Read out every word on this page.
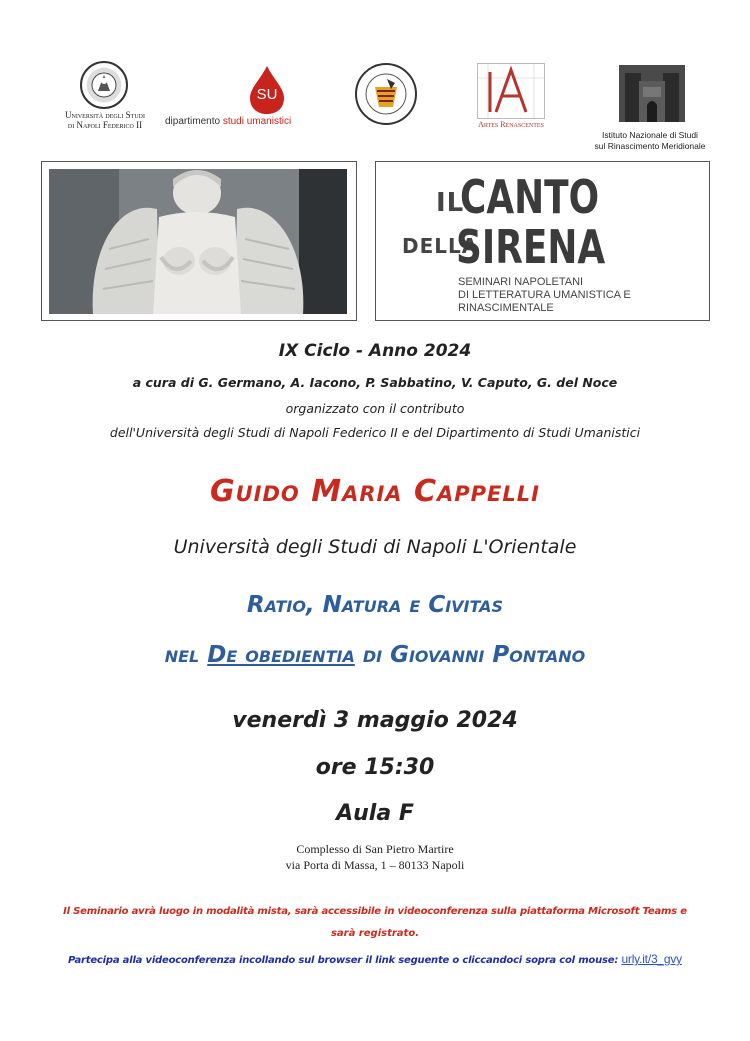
Università degli Studi
di Napoli Federico II
SU
dipartimento studi umanistici	Artes Renascentes
Istituto Nazionale di Studi
sul Rinascimento Meridionale
IL
CANTO
DELLA
SIRENA
SEMINARI NAPOLETANI
DI LETTERATURA UMANISTICA E RINASCIMENTALE
IX Ciclo - Anno 2024
a cura di G. Germano, A. Iacono, P. Sabbatino, V. Caputo, G. del Noce
organizzato con il contributo
dell'Università degli Studi di Napoli Federico II e del Dipartimento di Studi Umanistici
Guido Maria Cappelli
Università degli Studi di Napoli L'Orientale
Ratio, Natura e Civitas
nel De obedientia di Giovanni Pontano
venerdì 3 maggio 2024
ore 15:30
Aula F
Complesso di San Pietro Martire
via Porta di Massa, 1 – 80133 Napoli
Il Seminario avrà luogo in modalità mista, sarà accessibile in videoconferenza sulla piattaforma Microsoft Teams e
sarà registrato.
Partecipa alla videoconferenza incollando sul browser il link seguente o cliccandoci sopra col mouse: urly.it/3_gvy
